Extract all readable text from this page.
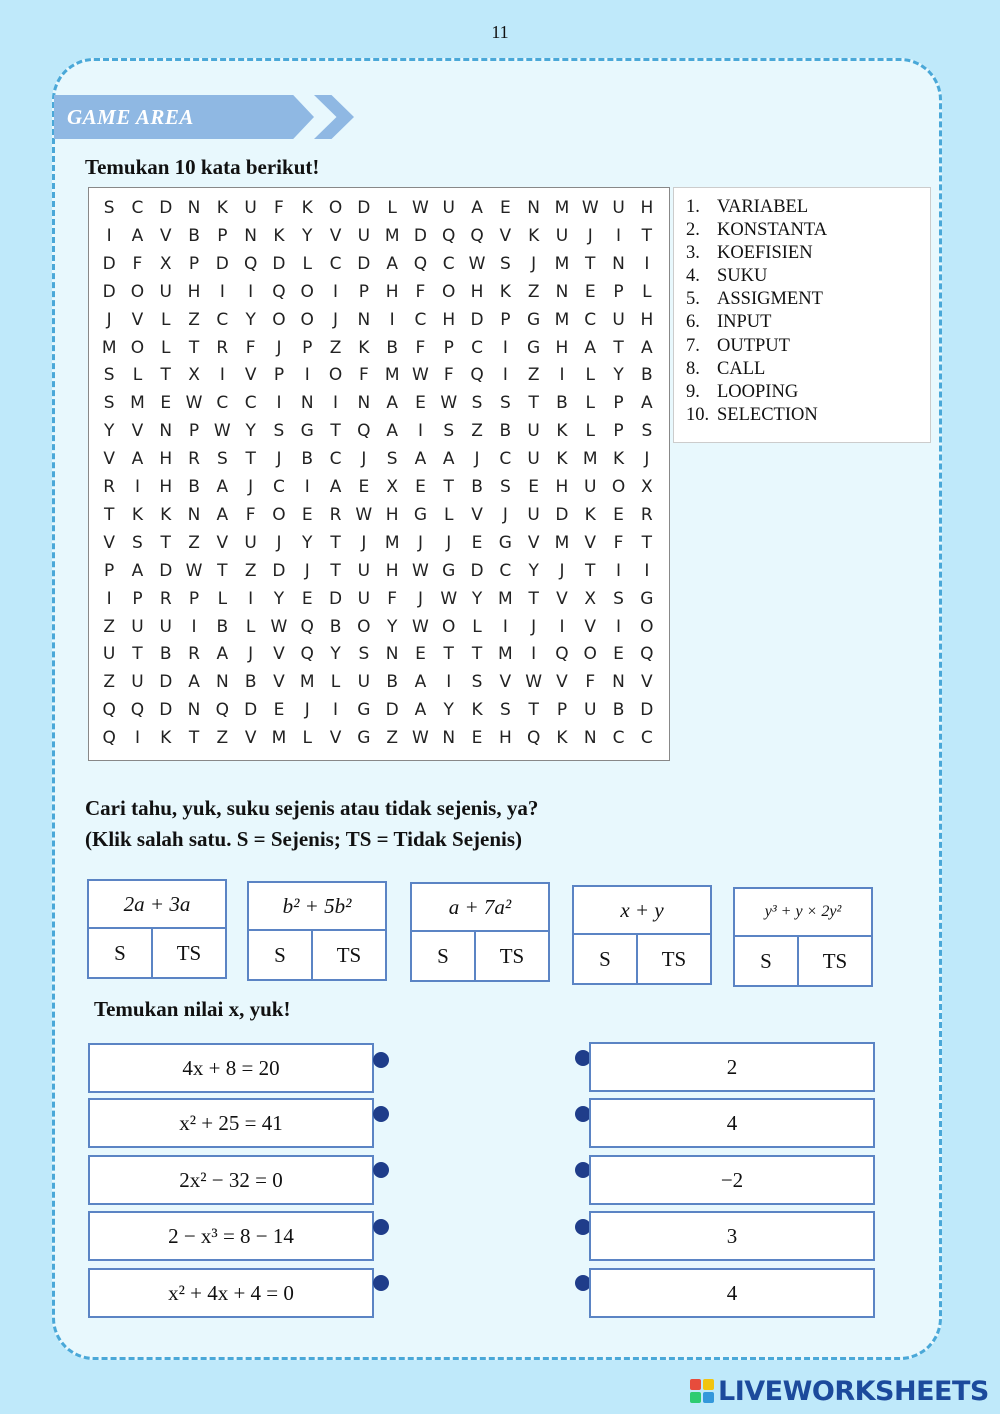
11
GAME AREA
Temukan 10 kata berikut!
S C D N K U	F	K O D	L W U A	E N M W U H
I	A V B	P N K	Y	V U M D Q Q V K U	J	I	T
D F	X	P D Q D	L	C D A Q C W S	J	M T N	I
D O U H	I	I	Q O	I	P H	F O H K Z N E	P	L
J	V	L	Z C	Y O O	J	N	I	C H D P G M C U H
M O L	T	R	F	J	P	Z K B	F	P	C	I	G H A	T	A
S	L	T	X	I	V	P	I	O F M W F Q	I	Z	I	L	Y	B
S M E W C C	I	N	I	N A	E W S	S	T	B	L	P	A
Y	V N P W Y	S G T Q A	I	S	Z B U K	L	P	S
V A H R	S	T	J	B C	J	S	A A	J	C U K M K	J
R	I	H B A	J	C	I	A	E	X	E	T	B	S	E H U O X
T	K	K N A	F O E	R W H G L	V	J	U D K	E	R
V	S	T	Z V U	J	Y	T	J	M	J	J	E G V M V	F	T
P	A D W T	Z D	J	T U H W G D C	Y	J	T	I	I
I	P	R	P	L	I	Y	E D U	F	J	W Y M T	V X	S G
Z U U	I	B	L W Q B O Y W O L	I	J	I	V	I	O
U T	B R A	J	V Q Y	S N E	T	T M	I	Q O E Q
Z U D A N B V M L	U B A	I	S	V W V	F	N V
Q Q D N Q D E	J	I	G D A	Y	K	S	T	P U B D
Q	I	K	T	Z V M L	V G Z W N E H Q K N C C
1. VARIABEL
2. KONSTANTA
3. KOEFISIEN
4. SUKU
5. ASSIGMENT
6. INPUT
7. OUTPUT
8. CALL
9. LOOPING
10. SELECTION
Cari tahu, yuk, suku sejenis atau tidak sejenis, ya?
(Klik salah satu. S = Sejenis; TS = Tidak Sejenis)
2a + 3a
S	TS
b² + 5b²
S	TS
a + 7a²
S	TS
x + y
S	TS
y³ + y × 2y²
S	TS
Temukan nilai x, yuk!
4x + 8 = 20
x² + 25 = 41
2x² − 32 = 0
2 − x³ = 8 − 14
x² + 4x + 4 = 0
2
4
−2
3
4
LIVEWORKSHEETS
